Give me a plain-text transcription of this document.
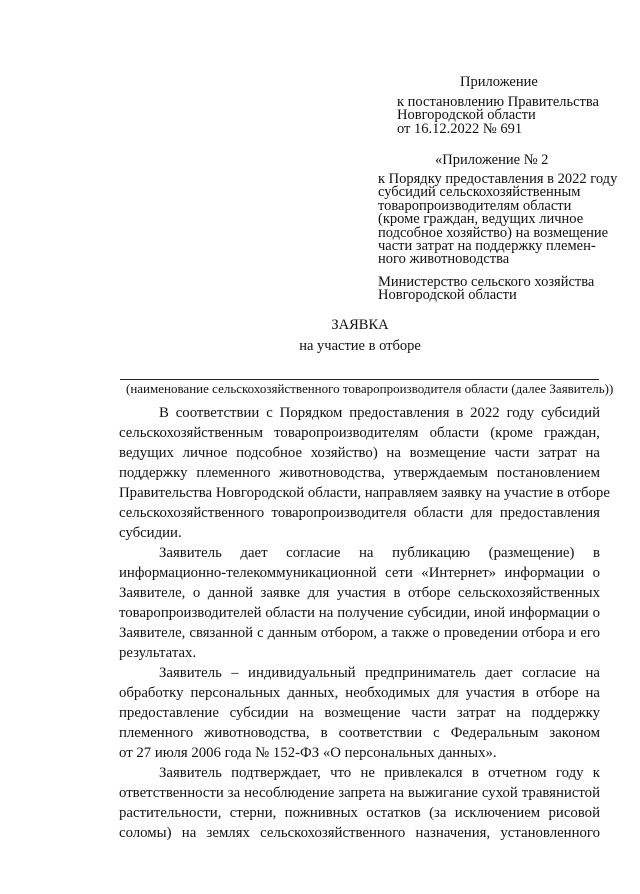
Приложение
к постановлению Правительства
Новгородской области
от 16.12.2022 № 691
«Приложение № 2
к Порядку предоставления в 2022 году
субсидий сельскохозяйственным
товаропроизводителям области
(кроме граждан, ведущих личное
подсобное хозяйство) на возмещение
части затрат на поддержку племен-
ного животноводства
Министерство сельского хозяйства
Новгородской области
ЗАЯВКА
на участие в отборе
(наименование сельскохозяйственного товаропроизводителя области (далее Заявитель))
В соответствии с Порядком предоставления в 2022 году субсидий
сельскохозяйственным товаропроизводителям области (кроме граждан,
ведущих личное подсобное хозяйство) на возмещение части затрат на
поддержку племенного животноводства, утверждаемым постановлением
Правительства Новгородской области, направляем заявку на участие в отборе
сельскохозяйственного товаропроизводителя области для предоставления
субсидии.
Заявитель дает согласие на публикацию (размещение) в
информационно-телекоммуникационной сети «Интернет» информации о
Заявителе, о данной заявке для участия в отборе сельскохозяйственных
товаропроизводителей области на получение субсидии, иной информации о
Заявителе, связанной с данным отбором, а также о проведении отбора и его
результатах.
Заявитель – индивидуальный предприниматель дает согласие на
обработку персональных данных, необходимых для участия в отборе на
предоставление субсидии на возмещение части затрат на поддержку
племенного животноводства, в соответствии с Федеральным законом
от 27 июля 2006 года № 152-ФЗ «О персональных данных».
Заявитель подтверждает, что не привлекался в отчетном году к
ответственности за несоблюдение запрета на выжигание сухой травянистой
растительности, стерни, пожнивных остатков (за исключением рисовой
соломы) на землях сельскохозяйственного назначения, установленного
